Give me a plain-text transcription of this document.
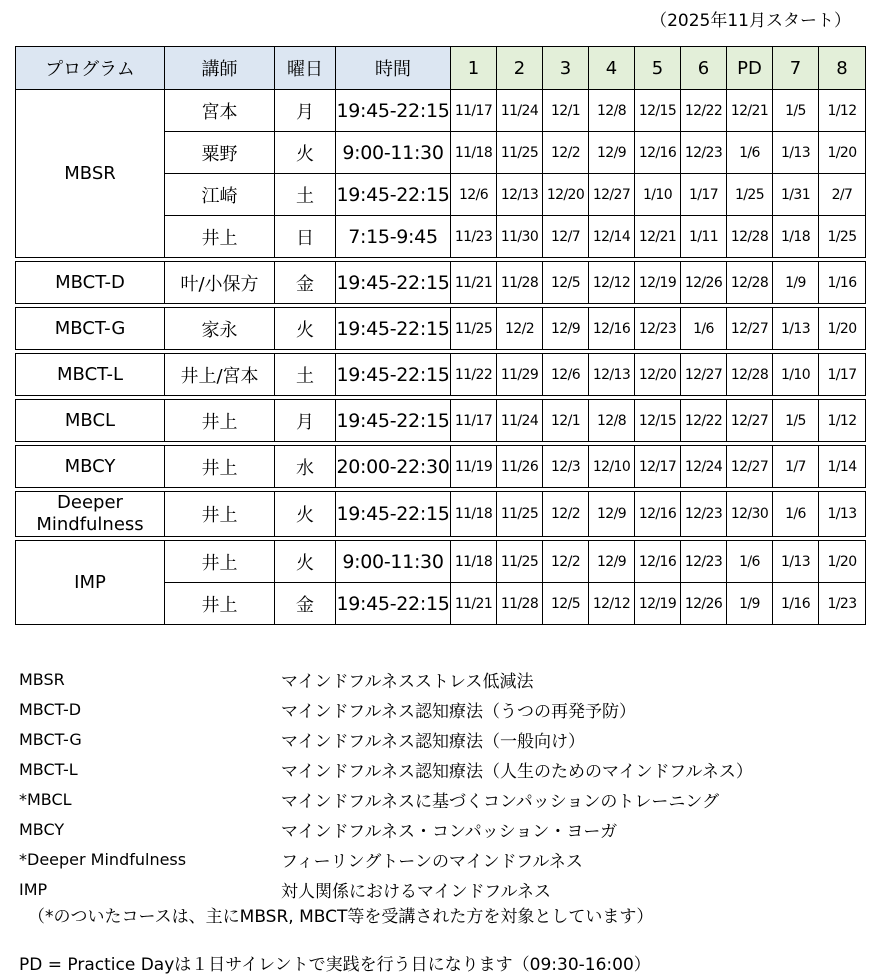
（2025年11月スタート）
プログラム	講師	曜日	時間	1	2	3	4	5	6	PD	7	8
MBSR	宮本	月	19:45-22:15	11/17	11/24	12/1	12/8	12/15	12/22	12/21	1/5	1/12
	粟野	火	9:00-11:30	11/18	11/25	12/2	12/9	12/16	12/23	1/6	1/13	1/20
	江崎	土	19:45-22:15	12/6	12/13	12/20	12/27	1/10	1/17	1/25	1/31	2/7
	井上	日	7:15-9:45	11/23	11/30	12/7	12/14	12/21	1/11	12/28	1/18	1/25

MBCT-D	叶/小保方	金	19:45-22:15	11/21	11/28	12/5	12/12	12/19	12/26	12/28	1/9	1/16

MBCT-G	家永	火	19:45-22:15	11/25	12/2	12/9	12/16	12/23	1/6	12/27	1/13	1/20

MBCT-L	井上/宮本	土	19:45-22:15	11/22	11/29	12/6	12/13	12/20	12/27	12/28	1/10	1/17

MBCL	井上	月	19:45-22:15	11/17	11/24	12/1	12/8	12/15	12/22	12/27	1/5	1/12

MBCY	井上	水	20:00-22:30	11/19	11/26	12/3	12/10	12/17	12/24	12/27	1/7	1/14

Deeper Mindfulness	井上	火	19:45-22:15	11/18	11/25	12/2	12/9	12/16	12/23	12/30	1/6	1/13

IMP	井上	火	9:00-11:30	11/18	11/25	12/2	12/9	12/16	12/23	1/6	1/13	1/20
	井上	金	19:45-22:15	11/21	11/28	12/5	12/12	12/19	12/26	1/9	1/16	1/23
MBSR	マインドフルネスストレス低減法
MBCT-D	マインドフルネス認知療法（うつの再発予防）
MBCT-G	マインドフルネス認知療法（一般向け）
MBCT-L	マインドフルネス認知療法（人生のためのマインドフルネス）
*MBCL	マインドフルネスに基づくコンパッションのトレーニング
MBCY	マインドフルネス・コンパッション・ヨーガ
*Deeper Mindfulness	フィーリングトーンのマインドフルネス
IMP	対人関係におけるマインドフルネス
（*のついたコースは、主にMBSR, MBCT等を受講された方を対象としています）
PD = Practice Dayは１日サイレントで実践を行う日になります（09:30-16:00）
